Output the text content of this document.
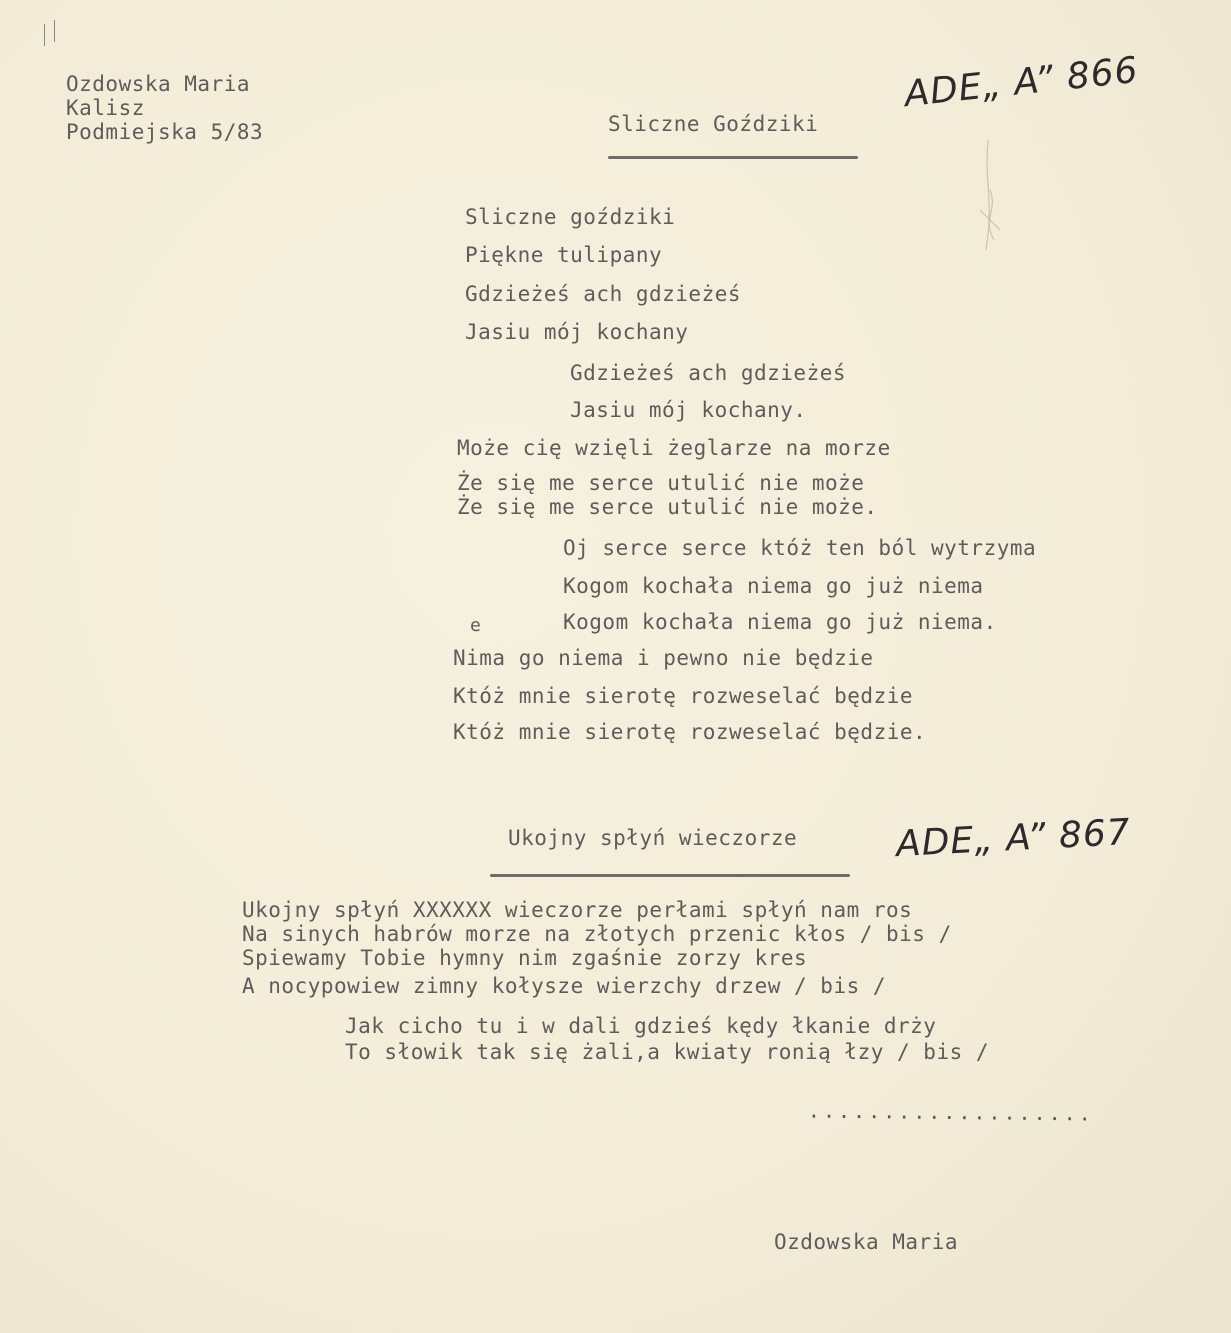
Ozdowska Maria
Kalisz
Podmiejska 5/83
ADE„ A” 866
ADE„ A” 867
Sliczne Goździki
Sliczne goździki
Piękne tulipany
Gdzieżeś ach gdzieżeś
Jasiu mój kochany
Gdzieżeś ach gdzieżeś
Jasiu mój kochany.
Może cię wzięli żeglarze na morze
Że się me serce utulić nie może
Że się me serce utulić nie może.
Oj serce serce któż ten ból wytrzyma
Kogom kochała niema go już niema
e	Kogom kochała niema go już niema.
Nima go niema i pewno nie będzie
Któż mnie sierotę rozweselać będzie
Któż mnie sierotę rozweselać będzie.
Ukojny spłyń wieczorze
Ukojny spłyń XXXXXX wieczorze perłami spłyń nam ros
Na sinych habrów morze na złotych przenic kłos / bis /
Spiewamy Tobie hymny nim zgaśnie zorzy kres
A nocypowiew zimny kołysze wierzchy drzew / bis /
Jak cicho tu i w dali gdzieś kędy łkanie drży
To słowik tak się żali,a kwiaty ronią łzy / bis /
...................
Ozdowska Maria
